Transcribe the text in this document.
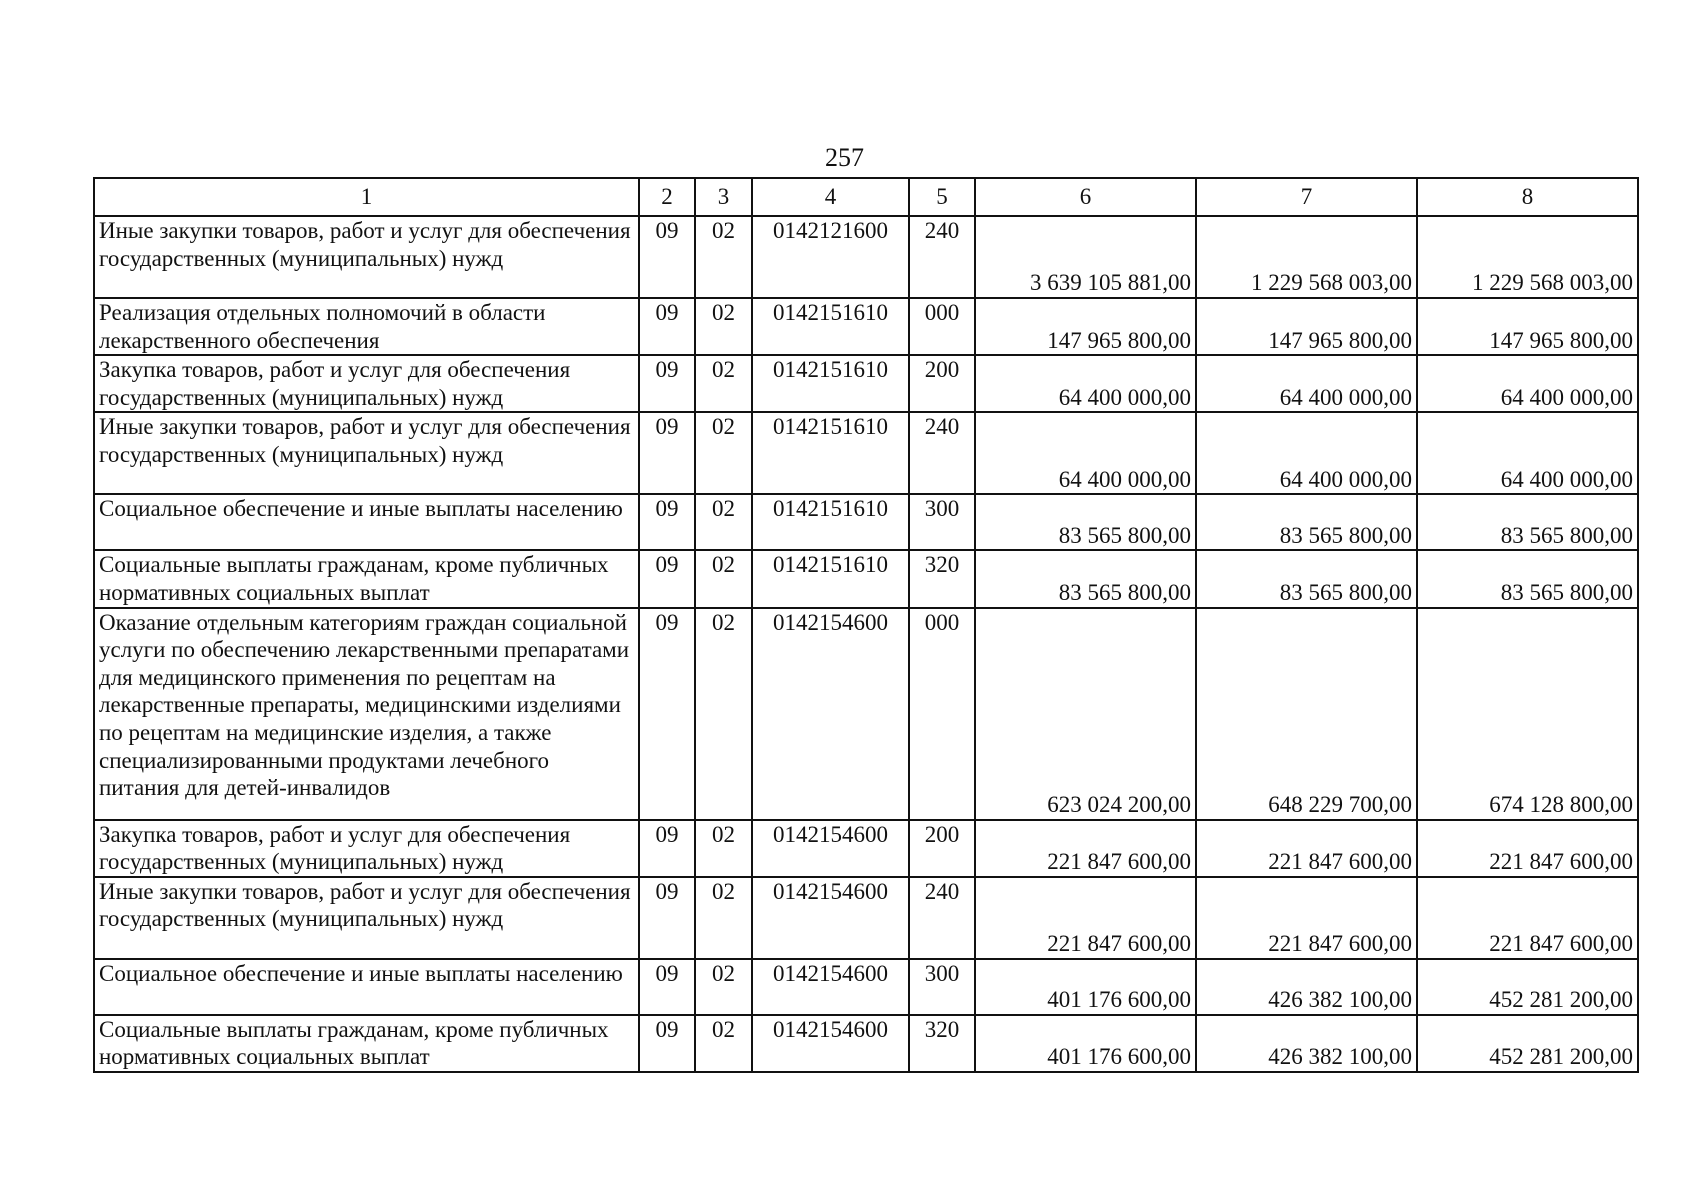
257
1	2	3	4	5	6	7	8
Иные закупки товаров, работ и услуг для обеспечения государственных (муниципальных) нужд	09	02	0142121600	240	3 639 105 881,00	1 229 568 003,00	1 229 568 003,00
Реализация отдельных полномочий в области лекарственного обеспечения	09	02	0142151610	000	147 965 800,00	147 965 800,00	147 965 800,00
Закупка товаров, работ и услуг для обеспечения государственных (муниципальных) нужд	09	02	0142151610	200	64 400 000,00	64 400 000,00	64 400 000,00
Иные закупки товаров, работ и услуг для обеспечения государственных (муниципальных) нужд	09	02	0142151610	240	64 400 000,00	64 400 000,00	64 400 000,00
Социальное обеспечение и иные выплаты населению	09	02	0142151610	300	83 565 800,00	83 565 800,00	83 565 800,00
Социальные выплаты гражданам, кроме публичных нормативных социальных выплат	09	02	0142151610	320	83 565 800,00	83 565 800,00	83 565 800,00
Оказание отдельным категориям граждан социальной услуги по обеспечению лекарственными препаратами для медицинского применения по рецептам на лекарственные препараты, медицинскими изделиями по рецептам на медицинские изделия, а также специализированными продуктами лечебного питания для детей-инвалидов	09	02	0142154600	000	623 024 200,00	648 229 700,00	674 128 800,00
Закупка товаров, работ и услуг для обеспечения государственных (муниципальных) нужд	09	02	0142154600	200	221 847 600,00	221 847 600,00	221 847 600,00
Иные закупки товаров, работ и услуг для обеспечения государственных (муниципальных) нужд	09	02	0142154600	240	221 847 600,00	221 847 600,00	221 847 600,00
Социальное обеспечение и иные выплаты населению	09	02	0142154600	300	401 176 600,00	426 382 100,00	452 281 200,00
Социальные выплаты гражданам, кроме публичных нормативных социальных выплат	09	02	0142154600	320	401 176 600,00	426 382 100,00	452 281 200,00
